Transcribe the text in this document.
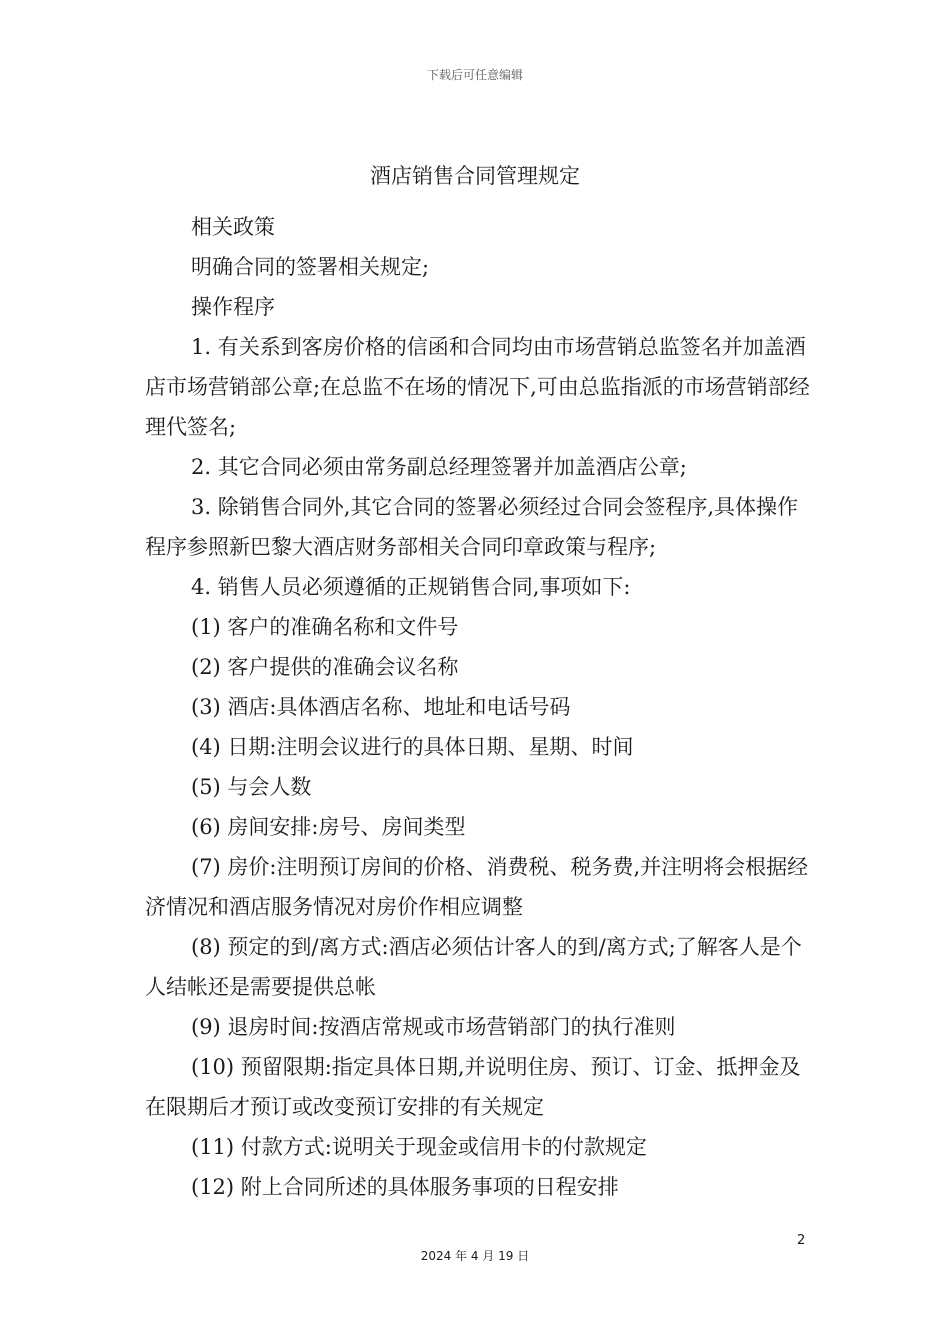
下载后可任意编辑
酒店销售合同管理规定

相关政策

明确合同的签署相关规定;

操作程序

1. 有关系到客房价格的信函和合同均由市场营销总监签名并加盖酒店市场营销部公章;在总监不在场的情况下,可由总监指派的市场营销部经理代签名;

2. 其它合同必须由常务副总经理签署并加盖酒店公章;

3. 除销售合同外,其它合同的签署必须经过合同会签程序,具体操作程序参照新巴黎大酒店财务部相关合同印章政策与程序;

4. 销售人员必须遵循的正规销售合同,事项如下:

(1) 客户的准确名称和文件号

(2) 客户提供的准确会议名称

(3) 酒店:具体酒店名称、地址和电话号码

(4) 日期:注明会议进行的具体日期、星期、时间

(5) 与会人数

(6) 房间安排:房号、房间类型

(7) 房价:注明预订房间的价格、消费税、税务费,并注明将会根据经济情况和酒店服务情况对房价作相应调整

(8) 预定的到/离方式:酒店必须估计客人的到/离方式;了解客人是个人结帐还是需要提供总帐

(9) 退房时间:按酒店常规或市场营销部门的执行准则

(10) 预留限期:指定具体日期,并说明住房、预订、订金、抵押金及在限期后才预订或改变预订安排的有关规定

(11) 付款方式:说明关于现金或信用卡的付款规定

(12) 附上合同所述的具体服务事项的日程安排

2
2024 年 4 月 19 日
